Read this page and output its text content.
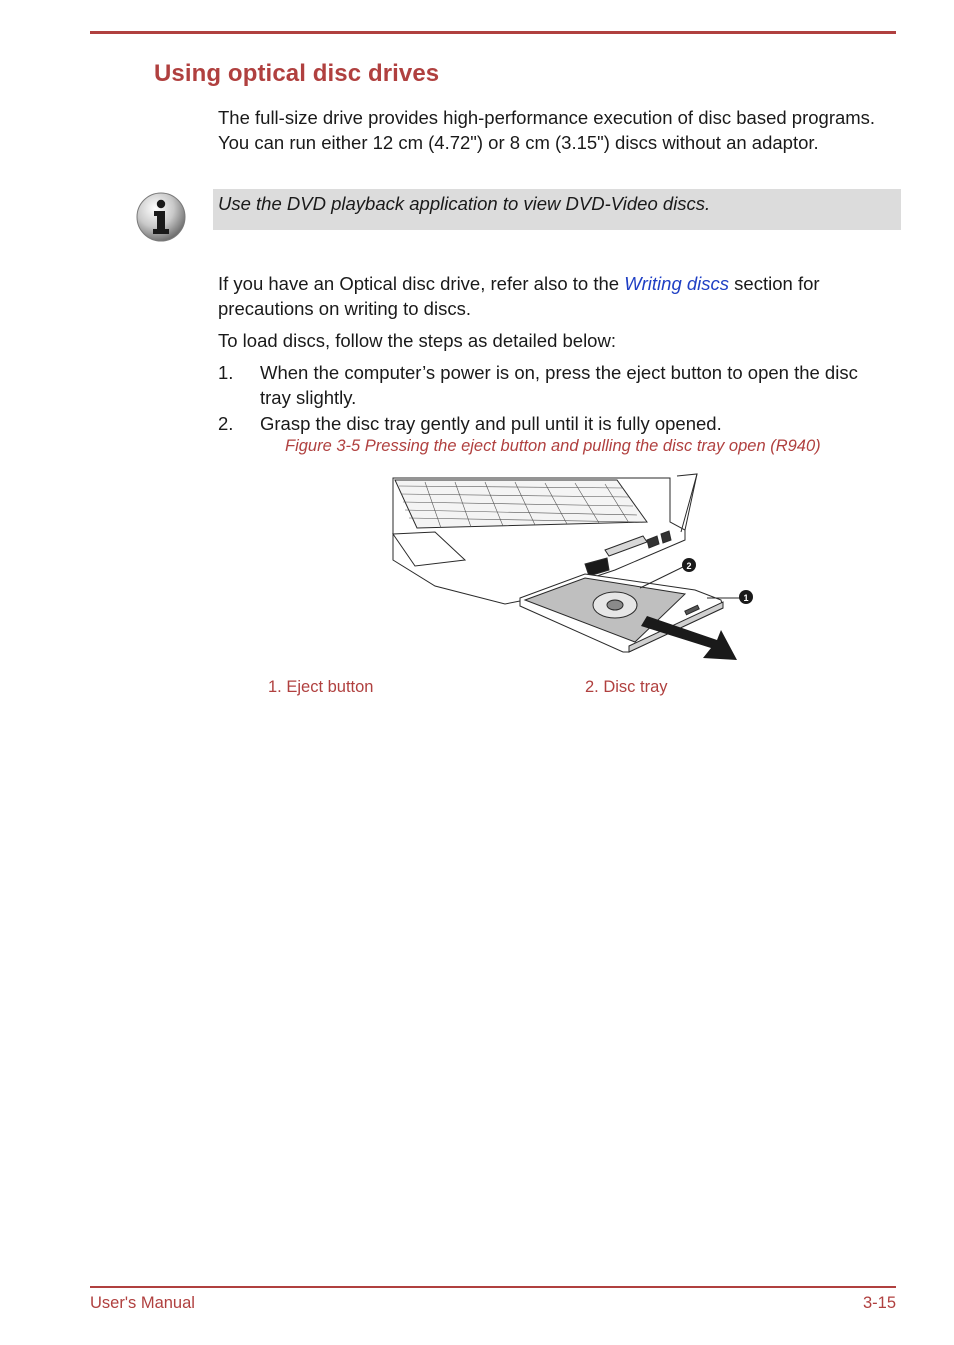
Using optical disc drives

The full-size drive provides high-performance execution of disc based programs. You can run either 12 cm (4.72") or 8 cm (3.15") discs without an adaptor.

Use the DVD playback application to view DVD-Video discs.

If you have an Optical disc drive, refer also to the Writing discs section for precautions on writing to discs.

To load discs, follow the steps as detailed below:

1. When the computer’s power is on, press the eject button to open the disc tray slightly.
2. Grasp the disc tray gently and pull until it is fully opened.
Figure 3-5 Pressing the eject button and pulling the disc tray open (R940)
2
1
1. Eject button	2. Disc tray
User's Manual	3-15
